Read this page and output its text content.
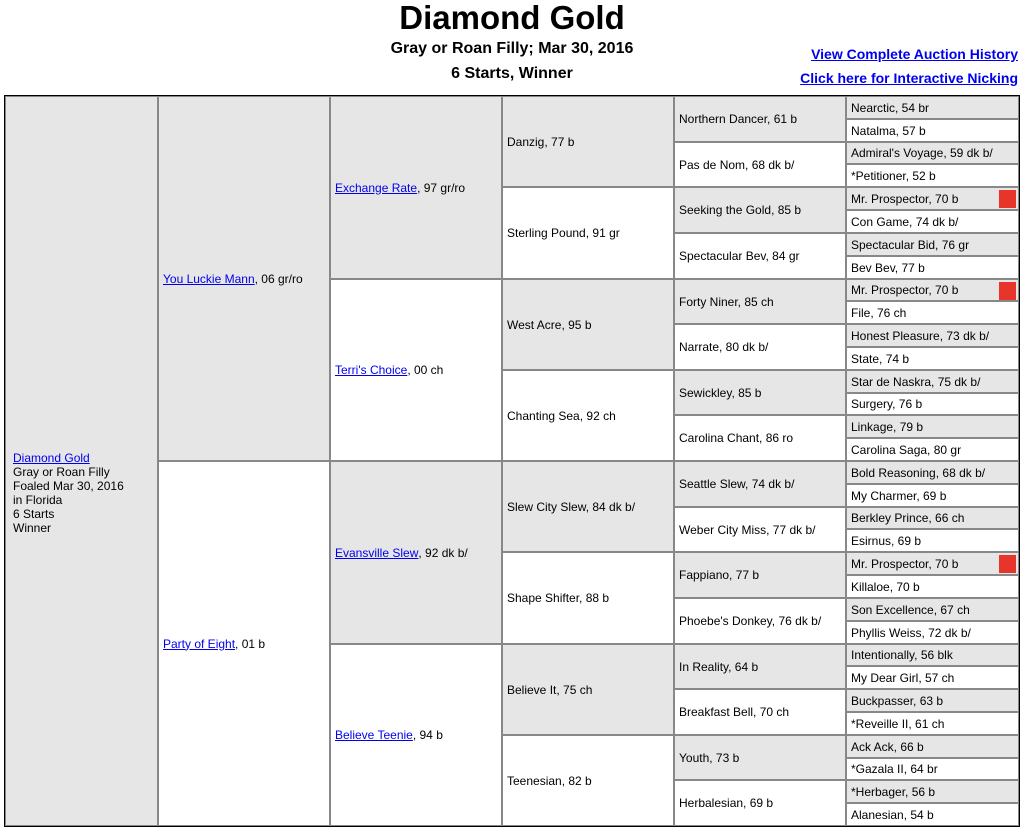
Diamond Gold
Gray or Roan Filly; Mar 30, 2016
6 Starts, Winner
View Complete Auction History
Click here for Interactive Nicking
Diamond Gold
Gray or Roan Filly
Foaled Mar 30, 2016
in Florida
6 Starts
Winner
You Luckie Mann , 06 gr/ro
Party of Eight , 01 b
Exchange Rate , 97 gr/ro
Terri's Choice , 00 ch
Evansville Slew , 92 dk b/
Believe Teenie , 94 b
Danzig, 77 b
Sterling Pound, 91 gr
West Acre, 95 b
Chanting Sea, 92 ch
Slew City Slew, 84 dk b/
Shape Shifter, 88 b
Believe It, 75 ch
Teenesian, 82 b
Northern Dancer, 61 b
Pas de Nom, 68 dk b/
Seeking the Gold, 85 b
Spectacular Bev, 84 gr
Forty Niner, 85 ch
Narrate, 80 dk b/
Sewickley, 85 b
Carolina Chant, 86 ro
Seattle Slew, 74 dk b/
Weber City Miss, 77 dk b/
Fappiano, 77 b
Phoebe's Donkey, 76 dk b/
In Reality, 64 b
Breakfast Bell, 70 ch
Youth, 73 b
Herbalesian, 69 b
Nearctic, 54 br
Natalma, 57 b
Admiral's Voyage, 59 dk b/
*Petitioner, 52 b
Mr. Prospector, 70 b
Con Game, 74 dk b/
Spectacular Bid, 76 gr
Bev Bev, 77 b
Mr. Prospector, 70 b
File, 76 ch
Honest Pleasure, 73 dk b/
State, 74 b
Star de Naskra, 75 dk b/
Surgery, 76 b
Linkage, 79 b
Carolina Saga, 80 gr
Bold Reasoning, 68 dk b/
My Charmer, 69 b
Berkley Prince, 66 ch
Esirnus, 69 b
Mr. Prospector, 70 b
Killaloe, 70 b
Son Excellence, 67 ch
Phyllis Weiss, 72 dk b/
Intentionally, 56 blk
My Dear Girl, 57 ch
Buckpasser, 63 b
*Reveille II, 61 ch
Ack Ack, 66 b
*Gazala II, 64 br
*Herbager, 56 b
Alanesian, 54 b
